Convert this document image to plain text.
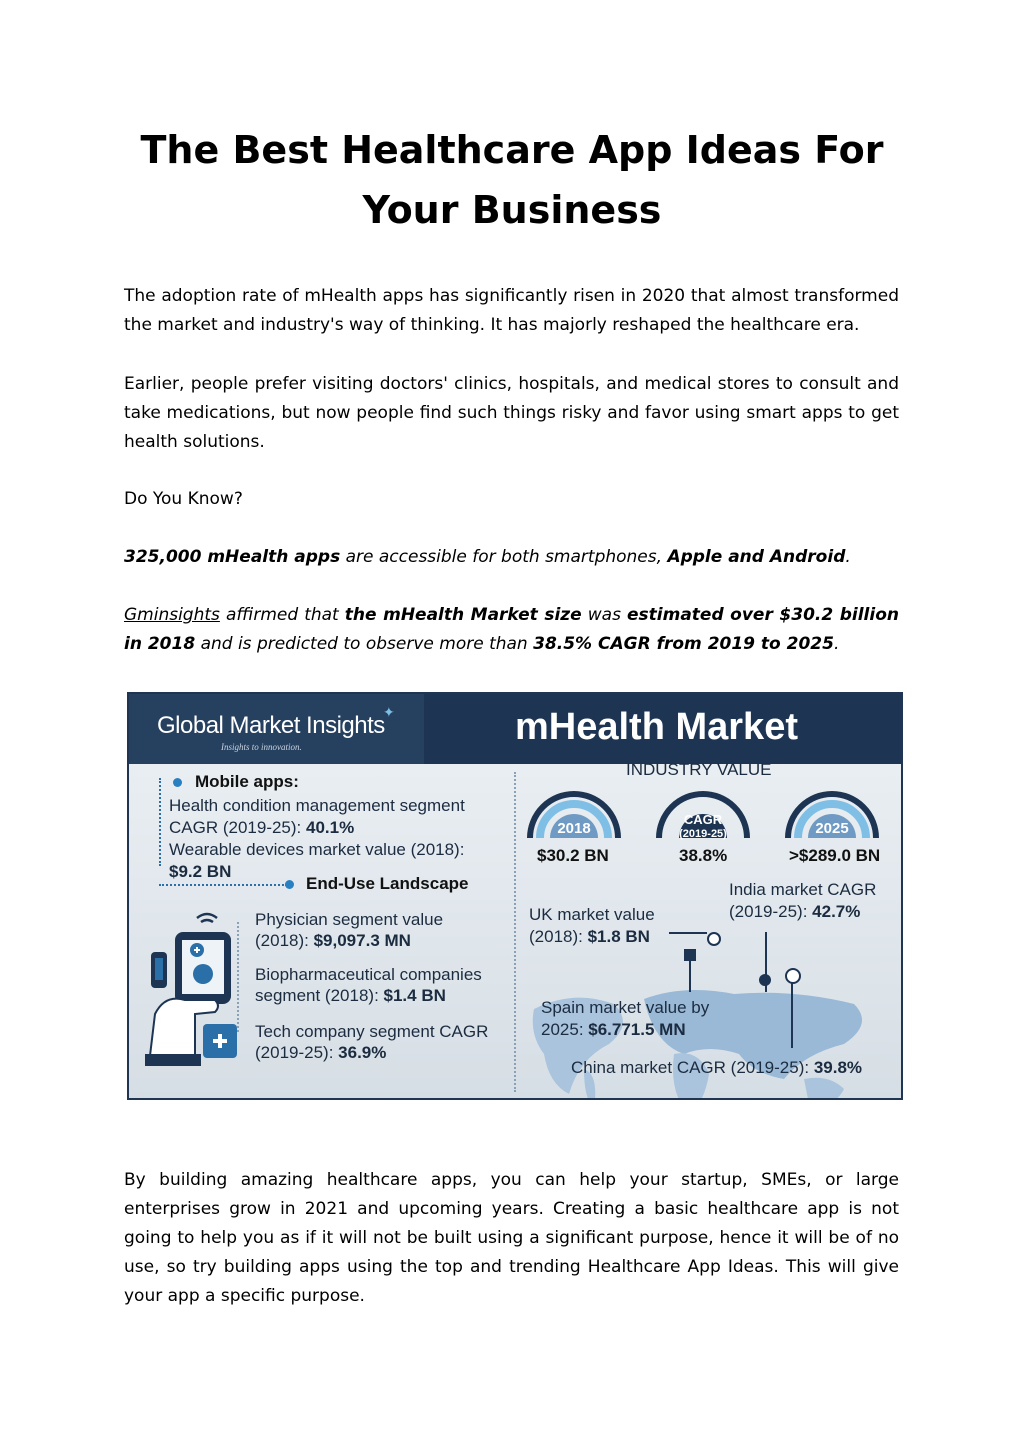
The Best Healthcare App Ideas For Your Business

The adoption rate of mHealth apps has significantly risen in 2020 that almost transformed the market and industry's way of thinking. It has majorly reshaped the healthcare era.

Earlier, people prefer visiting doctors' clinics, hospitals, and medical stores to consult and take medications, but now people find such things risky and favor using smart apps to get health solutions.

Do You Know?

325,000 mHealth apps are accessible for both smartphones, Apple and Android.

Gminsights affirmed that the mHealth Market size was estimated over $30.2 billion in 2018 and is predicted to observe more than 38.5% CAGR from 2019 to 2025.

Global Market Insights
✦
Insights to innovation.	mHealth Market
Mobile apps:
Health condition management segment
CAGR (2019-25): 40.1%
Wearable devices market value (2018):
$9.2 BN
End-Use Landscape
Physician segment value
(2018): $9,097.3 MN
Biopharmaceutical companies
segment (2018): $1.4 BN
Tech company segment CAGR
(2019-25): 36.9%
INDUSTRY VALUE
2018
$30.2 BN
CAGR
(2019-25)
38.8%
2025
>$289.0 BN
India market CAGR
(2019-25): 42.7%
UK market value
(2018): $1.8 BN
Spain market value by
2025: $6.771.5 MN
China market CAGR (2019-25): 39.8%

By building amazing healthcare apps, you can help your startup, SMEs, or large enterprises grow in 2021 and upcoming years. Creating a basic healthcare app is not going to help you as if it will not be built using a significant purpose, hence it will be of no use, so try building apps using the top and trending Healthcare App Ideas. This will give your app a specific purpose.
